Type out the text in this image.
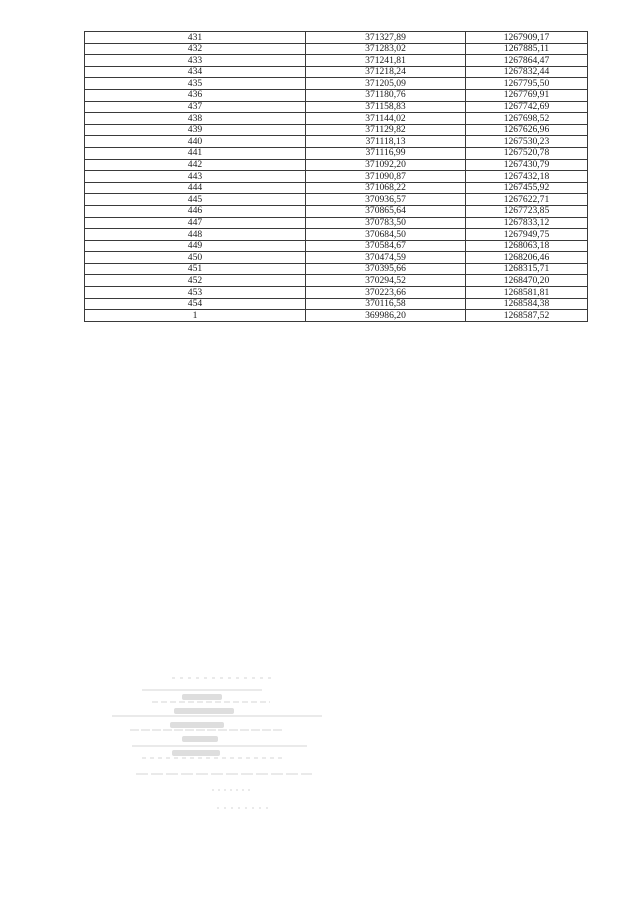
431	371327,89	1267909,17
432	371283,02	1267885,11
433	371241,81	1267864,47
434	371218,24	1267832,44
435	371205,09	1267795,50
436	371180,76	1267769,91
437	371158,83	1267742,69
438	371144,02	1267698,52
439	371129,82	1267626,96
440	371118,13	1267530,23
441	371116,99	1267520,78
442	371092,20	1267430,79
443	371090,87	1267432,18
444	371068,22	1267455,92
445	370936,57	1267622,71
446	370865,64	1267723,85
447	370783,50	1267833,12
448	370684,50	1267949,75
449	370584,67	1268063,18
450	370474,59	1268206,46
451	370395,66	1268315,71
452	370294,52	1268470,20
453	370223,66	1268581,81
454	370116,58	1268584,38
1	369986,20	1268587,52
